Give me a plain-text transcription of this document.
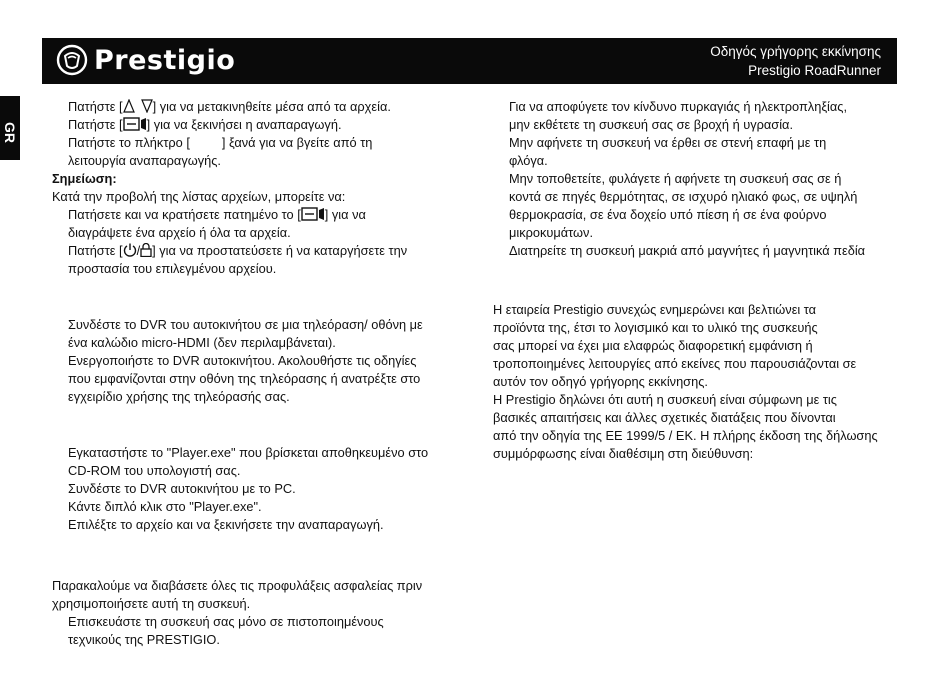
Prestigio	Οδηγός γρήγορης εκκίνησης
Prestigio RoadRunner
GR
Πατήστε [ ] για να μετακινηθείτε μέσα από τα αρχεία.
Πατήστε [ ] για να ξεκινήσει η αναπαραγωγή.
Πατήστε το πλήκτρο [	] ξανά για να βγείτε από τη
λειτουργία αναπαραγωγής.
Σημείωση:
Κατά την προβολή της λίστας αρχείων, μπορείτε να:
Πατήσετε και να κρατήσετε πατημένο το [ ] για να
διαγράψετε ένα αρχείο ή όλα τα αρχεία.
Πατήστε [ / ] για να προστατεύσετε ή να καταργήσετε την
προστασία του επιλεγμένου αρχείου.
Συνδέστε το DVR του αυτοκινήτου σε μια τηλεόραση/ οθόνη με
ένα καλώδιο micro-HDMI (δεν περιλαμβάνεται).
Ενεργοποιήστε το DVR αυτοκινήτου. Ακολουθήστε τις οδηγίες
που εμφανίζονται στην οθόνη της τηλεόρασης ή ανατρέξτε στο
εγχειρίδιο χρήσης της τηλεόρασής σας.
Εγκαταστήστε το "Player.exe" που βρίσκεται αποθηκευμένο στο
CD-ROM του υπολογιστή σας.
Συνδέστε το DVR αυτοκινήτου με το PC.
Κάντε διπλό κλικ στο "Player.exe".
Επιλέξτε το αρχείο και να ξεκινήσετε την αναπαραγωγή.
Παρακαλούμε να διαβάσετε όλες τις προφυλάξεις ασφαλείας πριν
χρησιμοποιήσετε αυτή τη συσκευή.
Επισκευάστε τη συσκευή σας μόνο σε πιστοποιημένους
τεχνικούς της PRESTIGIO.
Για να αποφύγετε τον κίνδυνο πυρκαγιάς ή ηλεκτροπληξίας,
μην εκθέτετε τη συσκευή σας σε βροχή ή υγρασία.
Μην αφήνετε τη συσκευή να έρθει σε στενή επαφή με τη
φλόγα.
Μην τοποθετείτε, φυλάγετε ή αφήνετε τη συσκευή σας σε ή
κοντά σε πηγές θερμότητας, σε ισχυρό ηλιακό φως, σε υψηλή
θερμοκρασία, σε ένα δοχείο υπό πίεση ή σε ένα φούρνο
μικροκυμάτων.
Διατηρείτε τη συσκευή μακριά από μαγνήτες ή μαγνητικά πεδία
Η εταιρεία Prestigio συνεχώς ενημερώνει και βελτιώνει τα
προϊόντα της, έτσι το λογισμικό και το υλικό της συσκευής
σας μπορεί να έχει μια ελαφρώς διαφορετική εμφάνιση ή
τροποποιημένες λειτουργίες από εκείνες που παρουσιάζονται σε
αυτόν τον οδηγό γρήγορης εκκίνησης.
Η Prestigio δηλώνει ότι αυτή η συσκευή είναι σύμφωνη με τις
βασικές απαιτήσεις και άλλες σχετικές διατάξεις που δίνονται
από την οδηγία της ΕΕ 1999/5 / ΕΚ. Η πλήρης έκδοση της δήλωσης
συμμόρφωσης είναι διαθέσιμη στη διεύθυνση:
